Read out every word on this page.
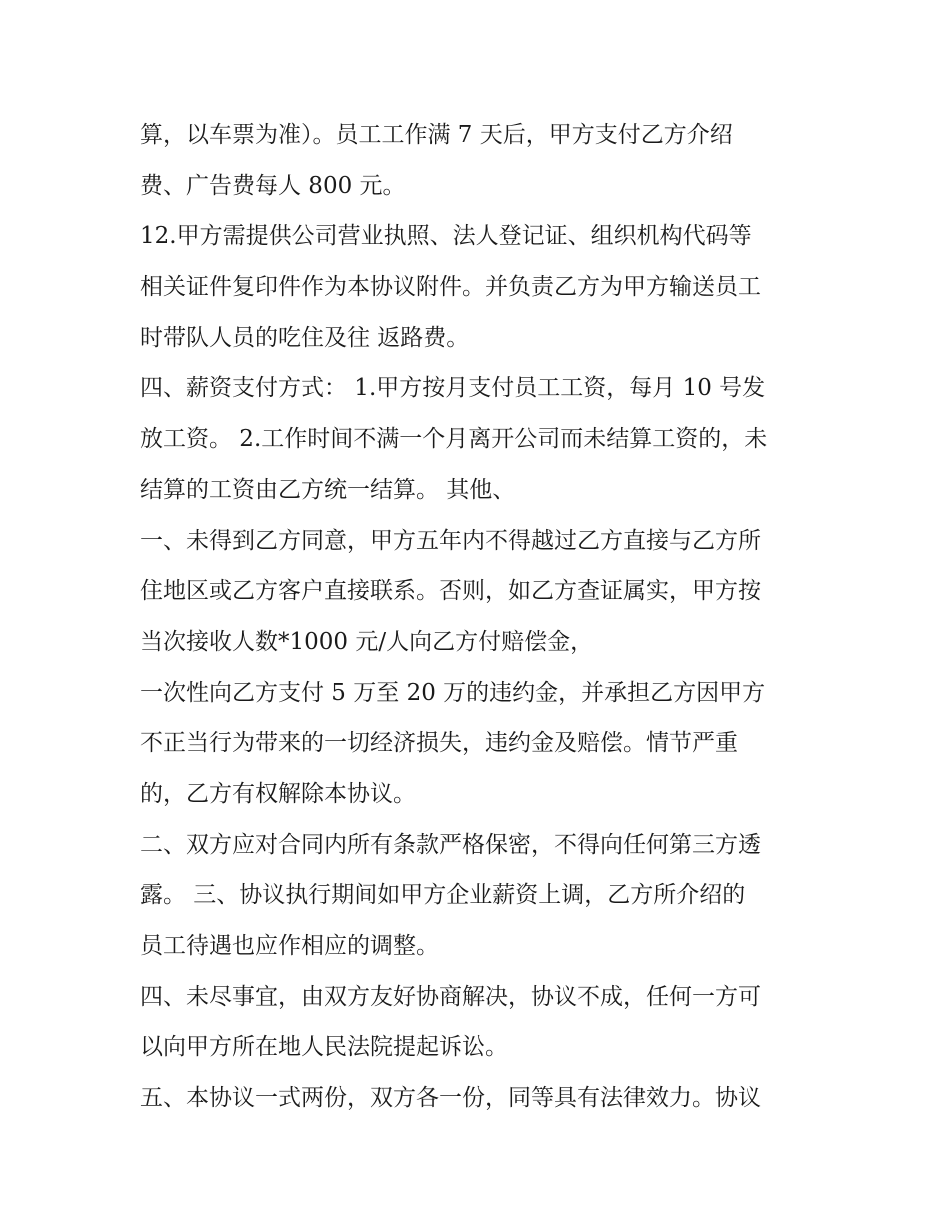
算，以车票为准）。员工工作满 7 天后，甲方支付乙方介绍
费、广告费每人 800 元。
12.甲方需提供公司营业执照、法人登记证、组织机构代码等
相关证件复印件作为本协议附件。并负责乙方为甲方输送员工
时带队人员的吃住及往 返路费。
四、薪资支付方式： 1.甲方按月支付员工工资，每月 10 号发
放工资。 2.工作时间不满一个月离开公司而未结算工资的，未
结算的工资由乙方统一结算。 其他、
一、未得到乙方同意，甲方五年内不得越过乙方直接与乙方所
住地区或乙方客户直接联系。否则，如乙方查证属实，甲方按
当次接收人数*1000 元/人向乙方付赔偿金，
一次性向乙方支付 5 万至 20 万的违约金，并承担乙方因甲方
不正当行为带来的一切经济损失，违约金及赔偿。情节严重
的，乙方有权解除本协议。
二、双方应对合同内所有条款严格保密，不得向任何第三方透
露。 三、协议执行期间如甲方企业薪资上调，乙方所介绍的
员工待遇也应作相应的调整。
四、未尽事宜，由双方友好协商解决，协议不成，任何一方可
以向甲方所在地人民法院提起诉讼。
五、本协议一式两份，双方各一份，同等具有法律效力。协议
